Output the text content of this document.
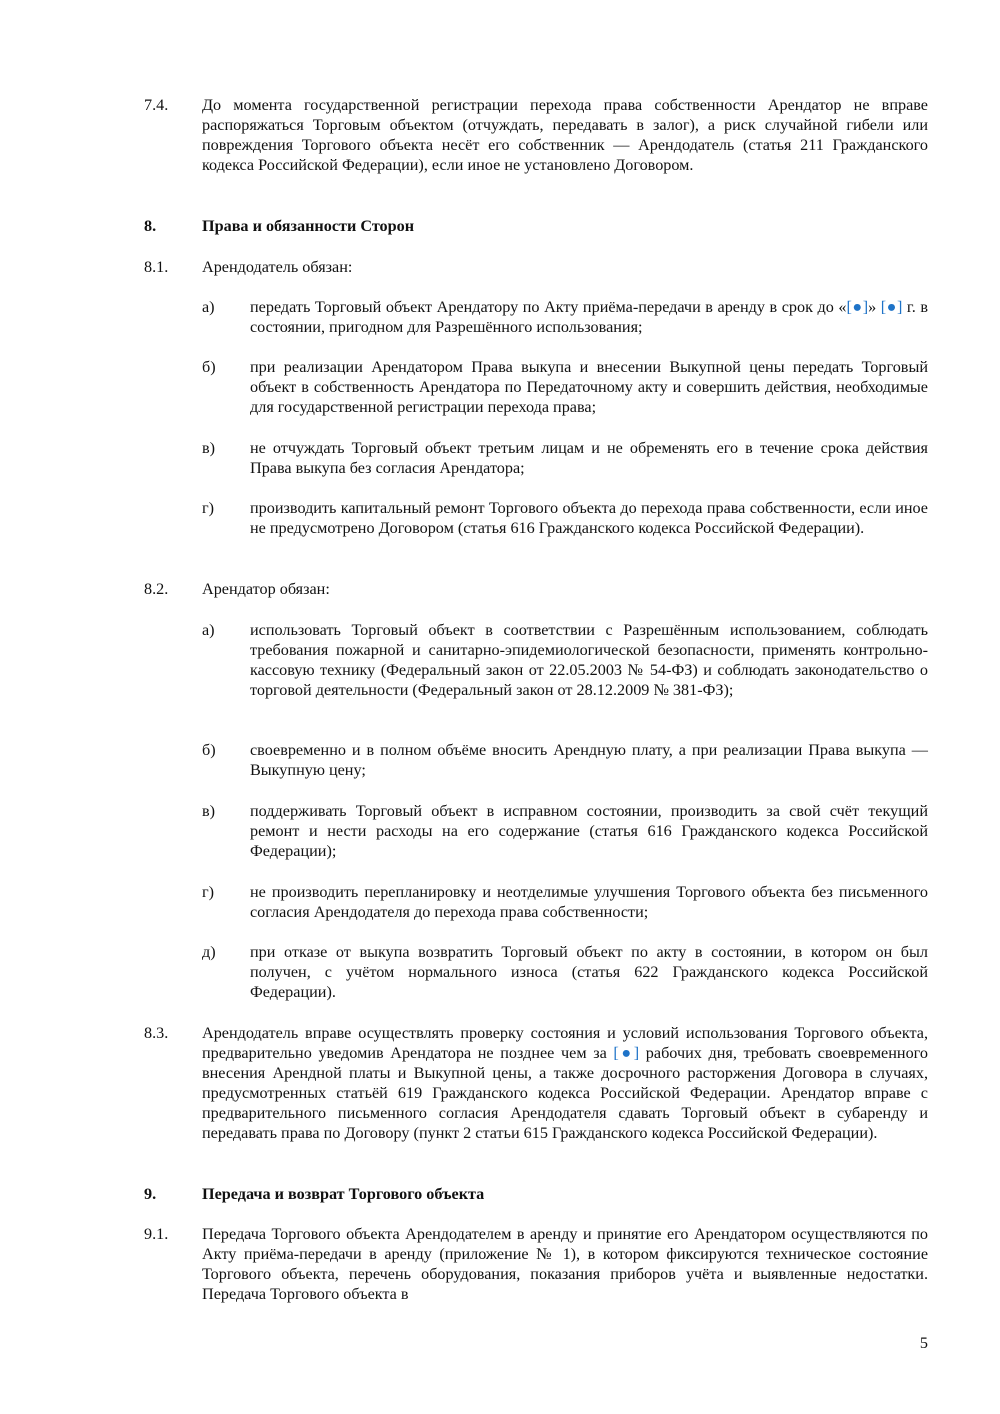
7.4.	До момента государственной регистрации перехода права собственности Арендатор не вправе распоряжаться Торговым объектом (отчуждать, передавать в залог), а риск случайной гибели или повреждения Торгового объекта несёт его собственник — Арендодатель (статья 211 Гражданского кодекса Российской Федерации), если иное не установлено Договором.

8.	Права и обязанности Сторон
8.1.	Арендодатель обязан:
а)	передать Торговый объект Арендатору по Акту приёма-передачи в аренду в срок до «[●]» [●] г. в состоянии, пригодном для Разрешённого использования;

б)	при реализации Арендатором Права выкупа и внесении Выкупной цены передать Торговый объект в собственность Арендатора по Передаточному акту и совершить действия, необходимые для государственной регистрации перехода права;

в)	не отчуждать Торговый объект третьим лицам и не обременять его в течение срока действия Права выкупа без согласия Арендатора;

г)	производить капитальный ремонт Торгового объекта до перехода права собственности, если иное не предусмотрено Договором (статья 616 Гражданского кодекса Российской Федерации).

8.2.	Арендатор обязан:
а)	использовать Торговый объект в соответствии с Разрешённым использованием, соблюдать требования пожарной и санитарно-эпидемиологической безопасности, применять контрольно-кассовую технику (Федеральный закон от 22.05.2003 № 54-ФЗ) и соблюдать законодательство о торговой деятельности (Федеральный закон от 28.12.2009 № 381-ФЗ);

б)	своевременно и в полном объёме вносить Арендную плату, а при реализации Права выкупа — Выкупную цену;

в)	поддерживать Торговый объект в исправном состоянии, производить за свой счёт текущий ремонт и нести расходы на его содержание (статья 616 Гражданского кодекса Российской Федерации);

г)	не производить перепланировку и неотделимые улучшения Торгового объекта без письменного согласия Арендодателя до перехода права собственности;

д)	при отказе от выкупа возвратить Торговый объект по акту в состоянии, в котором он был получен, с учётом нормального износа (статья 622 Гражданского кодекса Российской Федерации).

8.3.	Арендодатель вправе осуществлять проверку состояния и условий использования Торгового объекта, предварительно уведомив Арендатора не позднее чем за [●] рабочих дня, требовать своевременного внесения Арендной платы и Выкупной цены, а также досрочного расторжения Договора в случаях, предусмотренных статьёй 619 Гражданского кодекса Российской Федерации. Арендатор вправе с предварительного письменного согласия Арендодателя сдавать Торговый объект в субаренду и передавать права по Договору (пункт 2 статьи 615 Гражданского кодекса Российской Федерации).

9.	Передача и возврат Торгового объекта
9.1.	Передача Торгового объекта Арендодателем в аренду и принятие его Арендатором осуществляются по Акту приёма-передачи в аренду (приложение № 1), в котором фиксируются техническое состояние Торгового объекта, перечень оборудования, показания приборов учёта и выявленные недостатки. Передача Торгового объекта в

5
